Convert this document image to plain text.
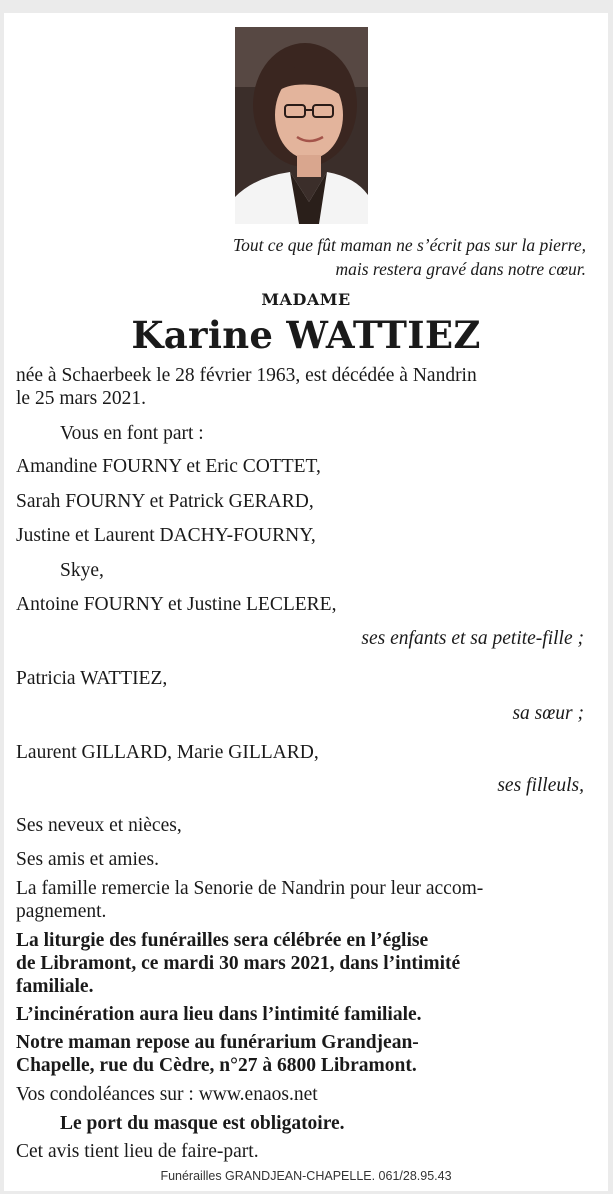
Tout ce que fût maman ne s’écrit pas sur la pierre,
mais restera gravé dans notre cœur.
MADAME
Karine WATTIEZ
née à Schaerbeek le 28 février 1963, est décédée à Nandrin
le 25 mars 2021.
Vous en font part :
Amandine FOURNY et Eric COTTET,
Sarah FOURNY et Patrick GERARD,
Justine et Laurent DACHY-FOURNY,
Skye,
Antoine FOURNY et Justine LECLERE,
ses enfants et sa petite-fille ;
Patricia WATTIEZ,
sa sœur ;
Laurent GILLARD, Marie GILLARD,
ses filleuls,
Ses neveux et nièces,
Ses amis et amies.
La famille remercie la Senorie de Nandrin pour leur accom-
pagnement.
La liturgie des funérailles sera célébrée en l’église
de Libramont, ce mardi 30 mars 2021, dans l’intimité
familiale.
L’incinération aura lieu dans l’intimité familiale.
Notre maman repose au funérarium Grandjean-
Chapelle, rue du Cèdre, n°27 à 6800 Libramont.
Vos condoléances sur : www.enaos.net
Le port du masque est obligatoire.
Cet avis tient lieu de faire-part.
Funérailles GRANDJEAN-CHAPELLE. 061/28.95.43
